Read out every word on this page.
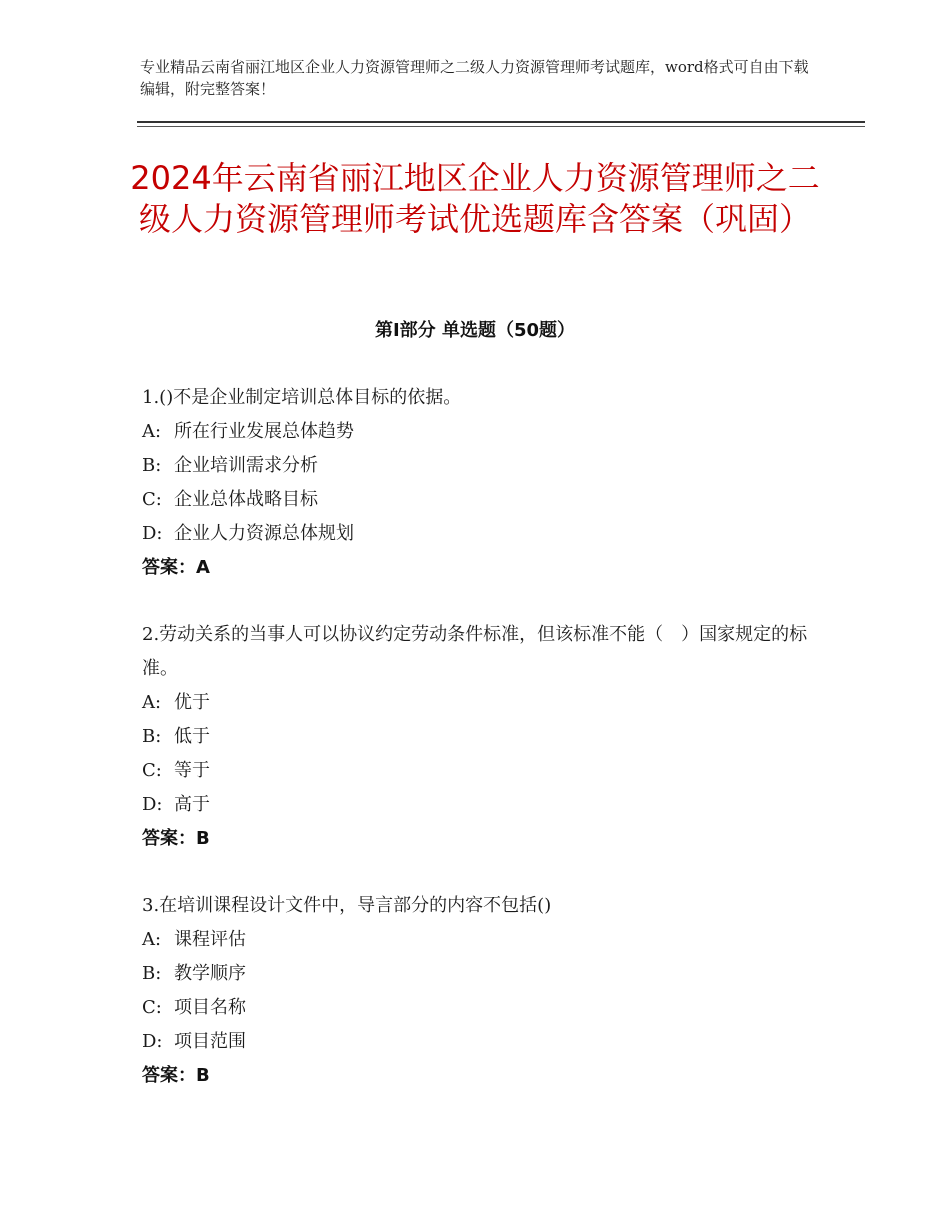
专业精品云南省丽江地区企业人力资源管理师之二级人力资源管理师考试题库，word格式可自由下载编辑，附完整答案！
2024年云南省丽江地区企业人力资源管理师之二级人力资源管理师考试优选题库含答案（巩固）
第Ⅰ部分 单选题（50题）
1.()不是企业制定培训总体目标的依据。
A: 所在行业发展总体趋势
B: 企业培训需求分析
C: 企业总体战略目标
D: 企业人力资源总体规划
答案：A
2.劳动关系的当事人可以协议约定劳动条件标准，但该标准不能（　）国家规定的标准。
A: 优于
B: 低于
C: 等于
D: 高于
答案：B
3.在培训课程设计文件中，导言部分的内容不包括()
A: 课程评估
B: 教学顺序
C: 项目名称
D: 项目范围
答案：B
